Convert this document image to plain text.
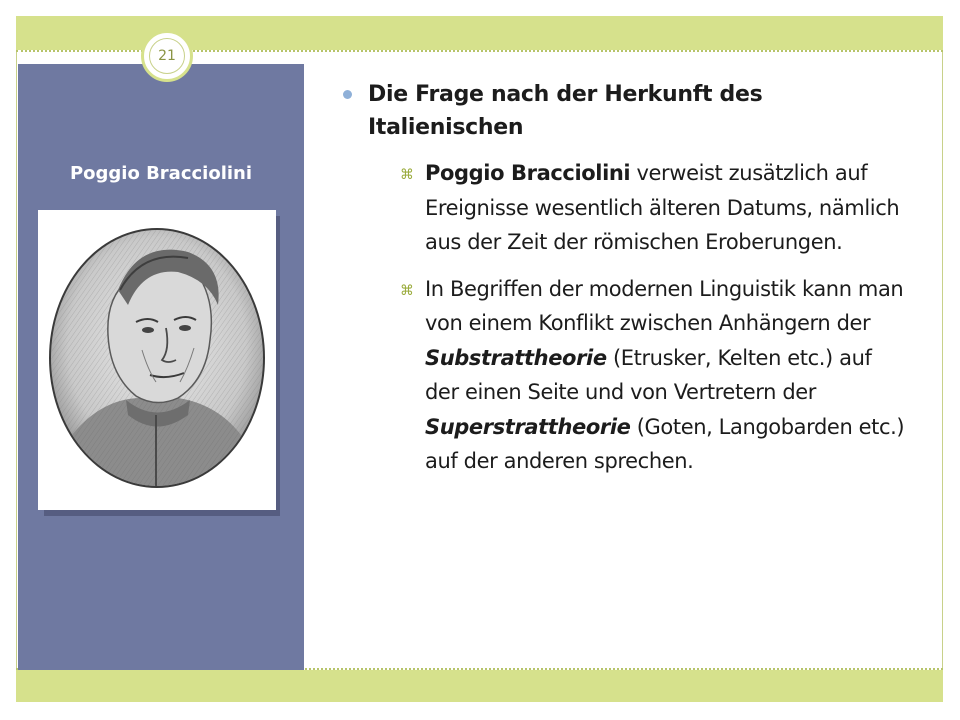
21
Poggio Bracciolini
Die Frage nach der Herkunft des Italienischen
⌘ Poggio Bracciolini verweist zusätzlich auf Ereignisse wesentlich älteren Datums, nämlich aus der Zeit der römischen Eroberungen.
⌘ In Begriffen der modernen Linguistik kann man von einem Konflikt zwischen Anhängern der Substrattheorie (Etrusker, Kelten etc.) auf der einen Seite und von Vertretern der Superstrattheorie (Goten, Langobarden etc.) auf der anderen sprechen.
